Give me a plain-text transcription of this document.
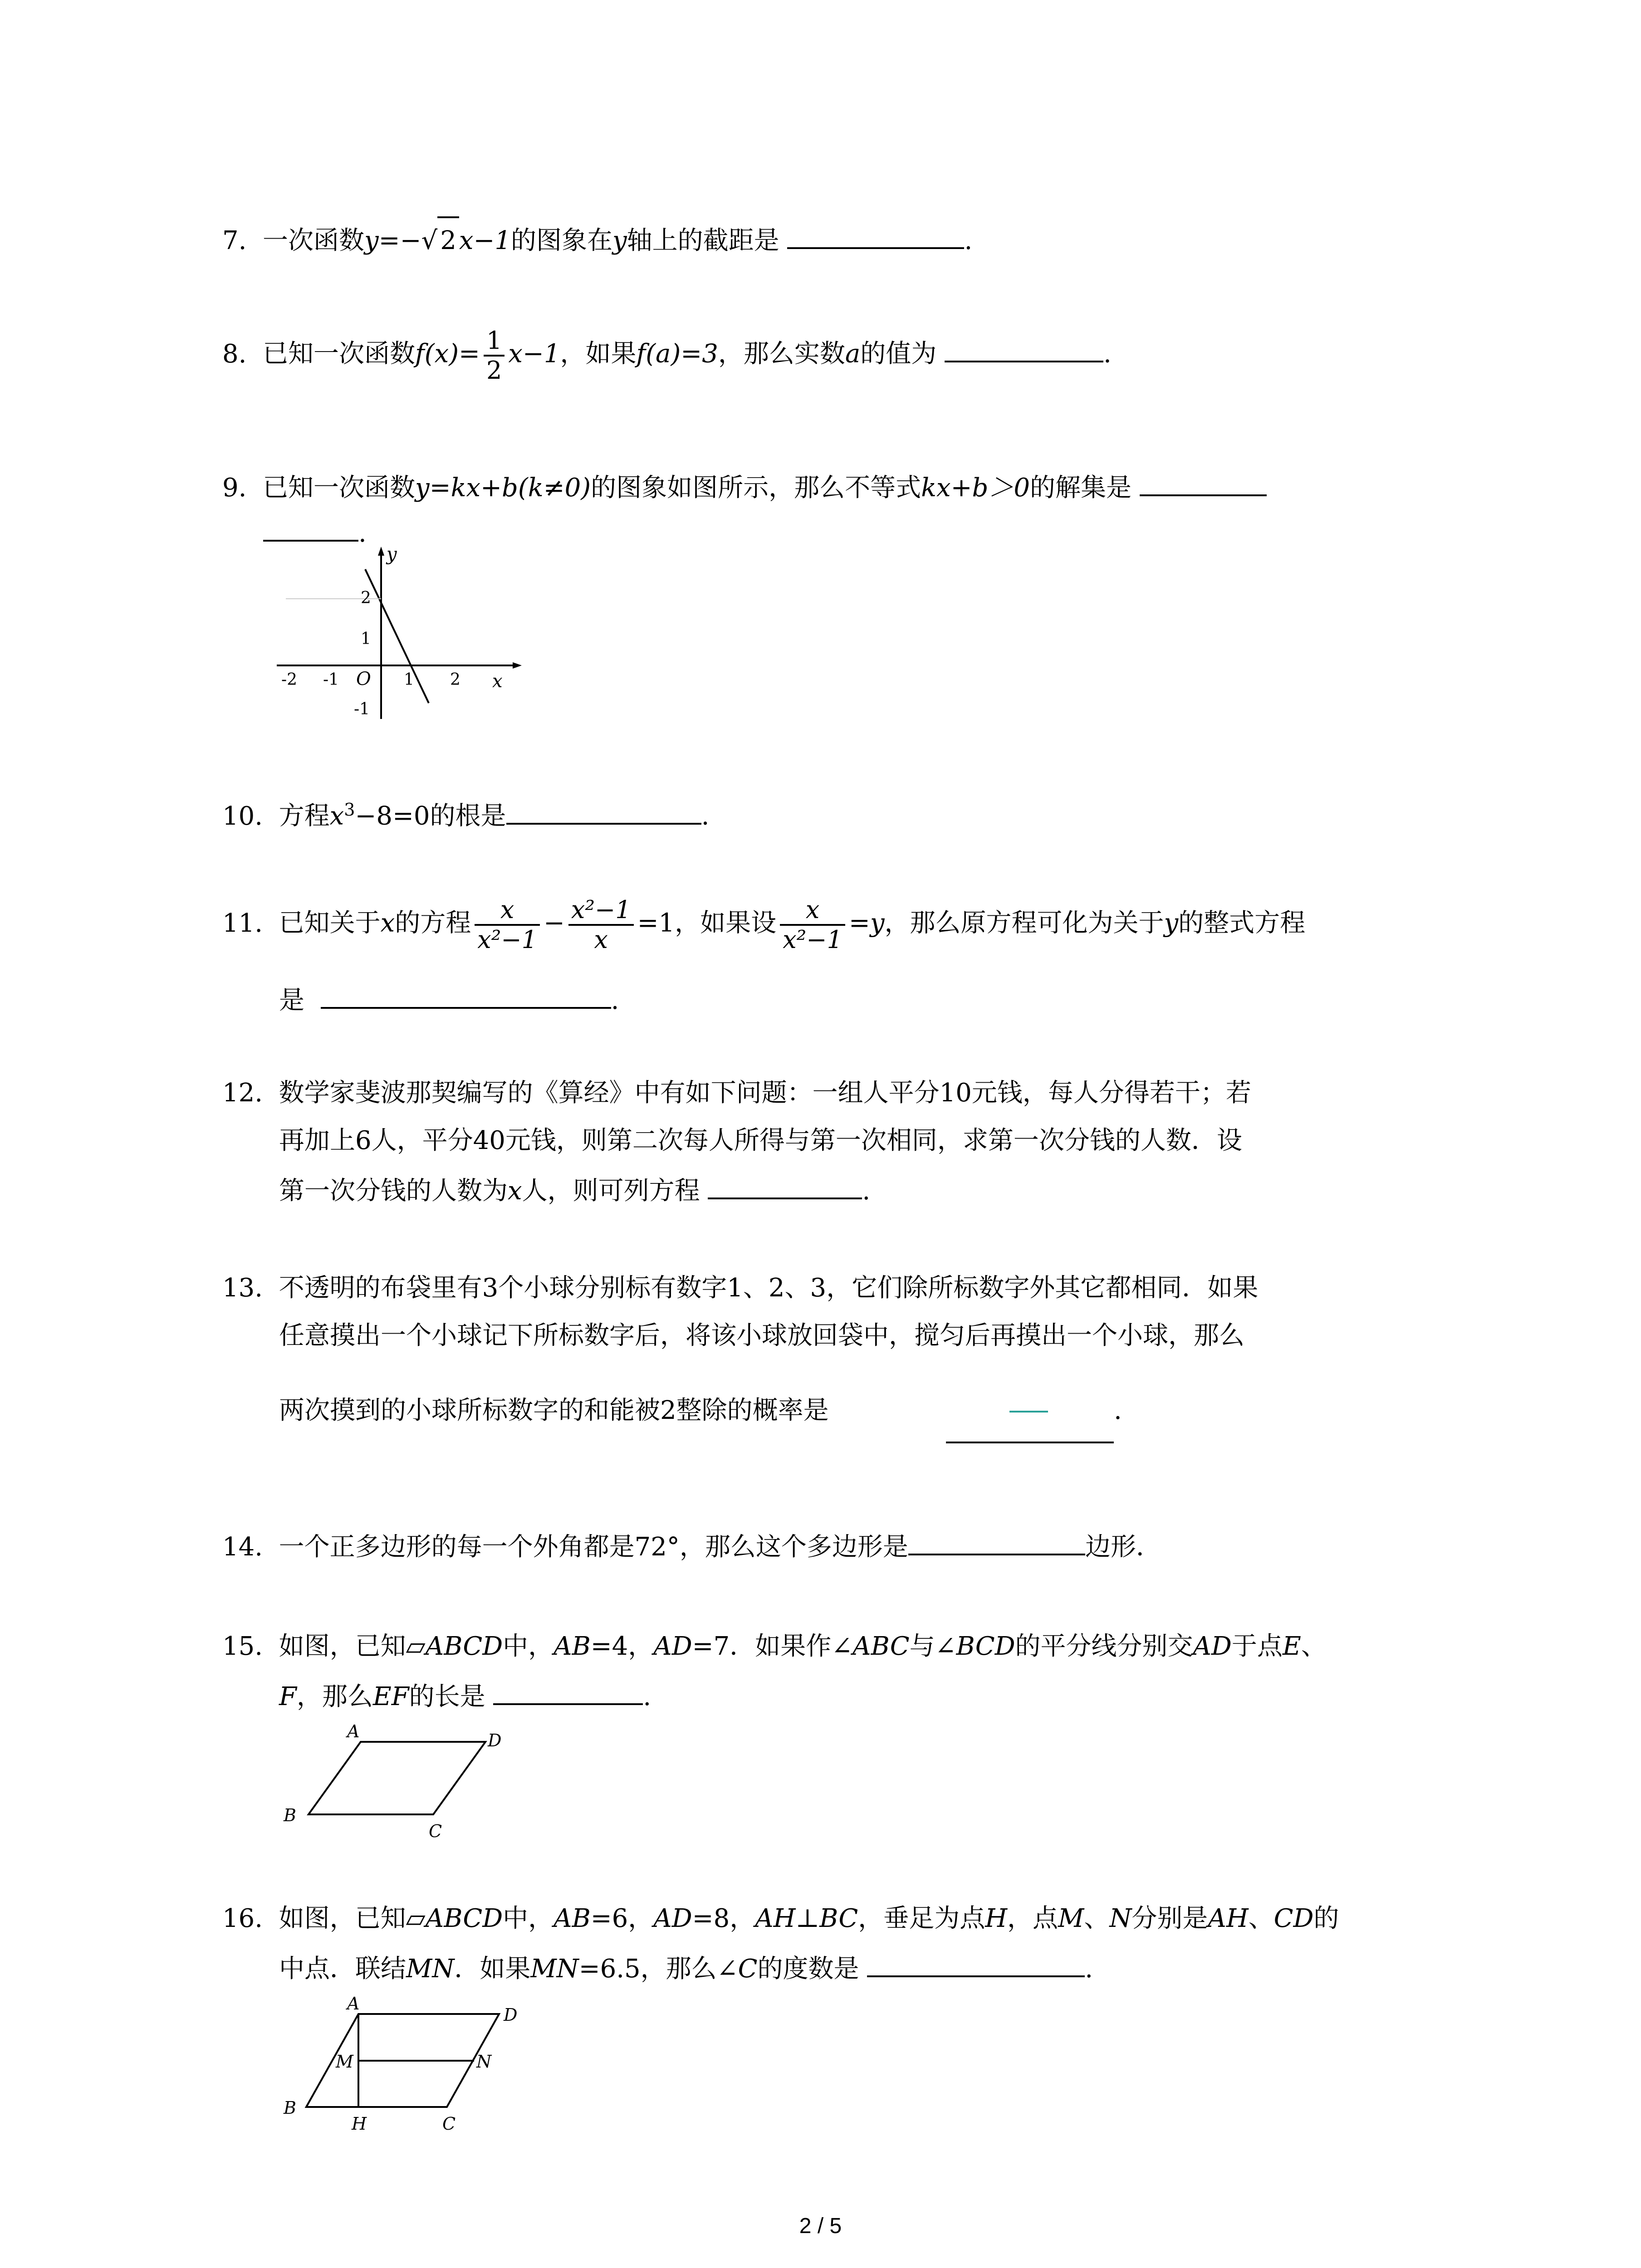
7. 一次函数y=−√ 2 x−1的图象在y轴上的截距是	.
8. 已知一次函数$f(x)= \frac{1}{2} x-1$，如果f(a)=3，那么实数a的值为	.
9. 已知一次函数y=kx+b(k≠0)的图象如图所示，那么不等式kx+b＞0的解集是
.
y
x
O
-2 -1	1 2
2
1
-1
10. 方程$x^3-8=0$的根是	.
11. 已知关于x的方程 $\frac{x}{\text{x²−1}} - \frac{\text{x²−1}}{x} =1$，如果设 $\frac{x}{\text{x²−1}} =y$，那么原方程可化为关于y的整式方程
是	.
12. 数学家斐波那契编写的《算经》中有如下问题：一组人平分10元钱，每人分得若干；若
再加上6人，平分40元钱，则第二次每人所得与第一次相同，求第一次分钱的人数．设
第一次分钱的人数为x人，则可列方程	.
13. 不透明的布袋里有3个小球分别标有数字1、2、3，它们除所标数字外其它都相同．如果
任意摸出一个小球记下所标数字后，将该小球放回袋中，搅匀后再摸出一个小球，那么
两次摸到的小球所标数字的和能被2整除的概率是	.
14. 一个正多边形的每一个外角都是72°，那么这个多边形是	边形．
15. 如图，已知▱ABCD中，AB=4，AD=7．如果作∠ABC与∠BCD的平分线分别交AD于点E、
F，那么EF的长是	.
A	D
B
C
16. 如图，已知▱ABCD中，AB=6，AD=8，AH⊥BC，垂足为点H，点M、N分别是AH、CD的
中点．联结MN．如果MN=6.5，那么∠C的度数是	.
A
D
M	N
B
H	C
2 / 5
